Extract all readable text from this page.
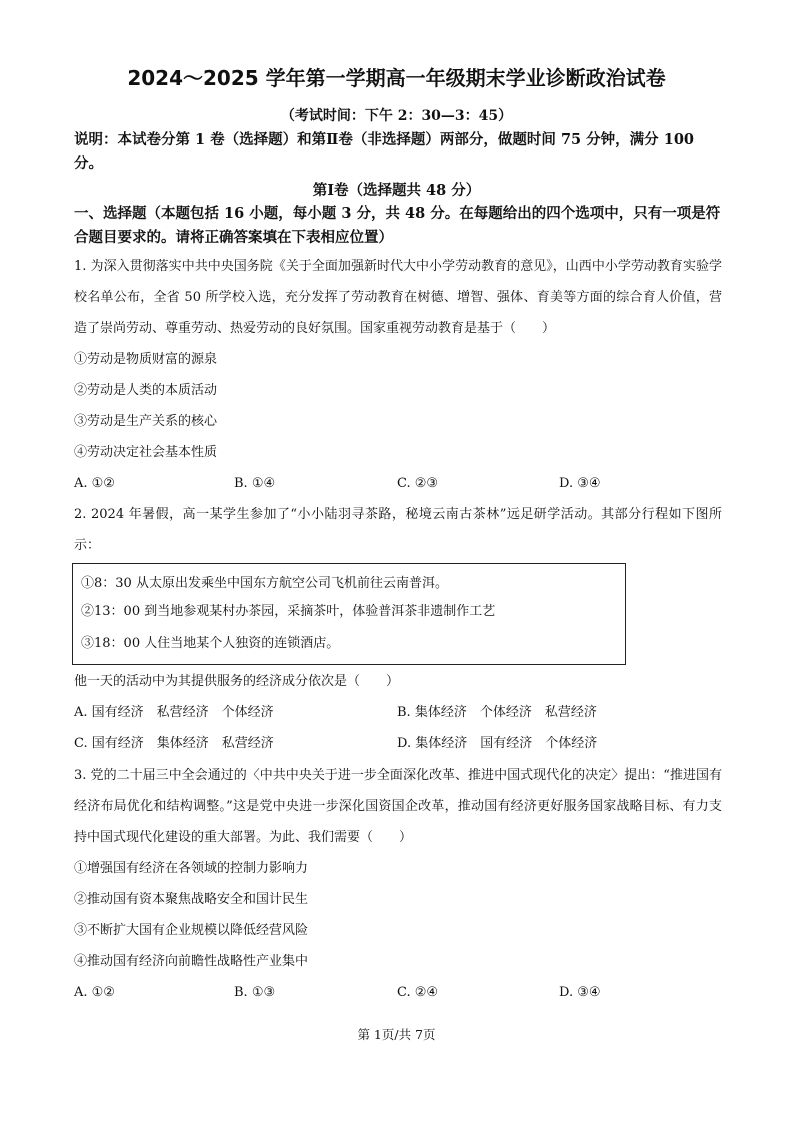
2024～2025 学年第一学期高一年级期末学业诊断政治试卷
（考试时间：下午 2：30—3：45）
说明：本试卷分第 1 卷（选择题）和第Ⅱ卷（非选择题）两部分，做题时间 75 分钟，满分 100 分。
第Ⅰ卷（选择题共 48 分）
一、选择题（本题包括 16 小题，每小题 3 分，共 48 分。在每题给出的四个选项中，只有一项是符合题目要求的。请将正确答案填在下表相应位置）
1. 为深入贯彻落实中共中央国务院《关于全面加强新时代大中小学劳动教育的意见》，山西中小学劳动教育实验学校名单公布，全省 50 所学校入选，充分发挥了劳动教育在树德、增智、强体、育美等方面的综合育人价值，营造了崇尚劳动、尊重劳动、热爱劳动的良好氛围。国家重视劳动教育是基于（　　）
①劳动是物质财富的源泉
②劳动是人类的本质活动
③劳动是生产关系的核心
④劳动决定社会基本性质
A. ①②	B. ①④	C. ②③	D. ③④
2. 2024 年暑假，高一某学生参加了“小小陆羽寻茶路，秘境云南古茶林”远足研学活动。其部分行程如下图所示：
①8：30 从太原出发乘坐中国东方航空公司飞机前往云南普洱。
②13：00 到当地参观某村办茶园，采摘茶叶，体验普洱茶非遗制作工艺
③18：00 人住当地某个人独资的连锁酒店。
他一天的活动中为其提供服务的经济成分依次是（　　）
A. 国有经济　私营经济　个体经济	B. 集体经济　个体经济　私营经济
C. 国有经济　集体经济　私营经济	D. 集体经济　国有经济　个体经济
3. 党的二十届三中全会通过的〈中共中央关于进一步全面深化改革、推进中国式现代化的决定〉提出：“推进国有经济布局优化和结构调整。”这是党中央进一步深化国资国企改革，推动国有经济更好服务国家战略目标、有力支持中国式现代化建设的重大部署。为此、我们需要（　　）
①增强国有经济在各领域的控制力影响力
②推动国有资本聚焦战略安全和国计民生
③不断扩大国有企业规模以降低经营风险
④推动国有经济向前瞻性战略性产业集中
A. ①②	B. ①③	C. ②④	D. ③④
第 1页/共 7页
